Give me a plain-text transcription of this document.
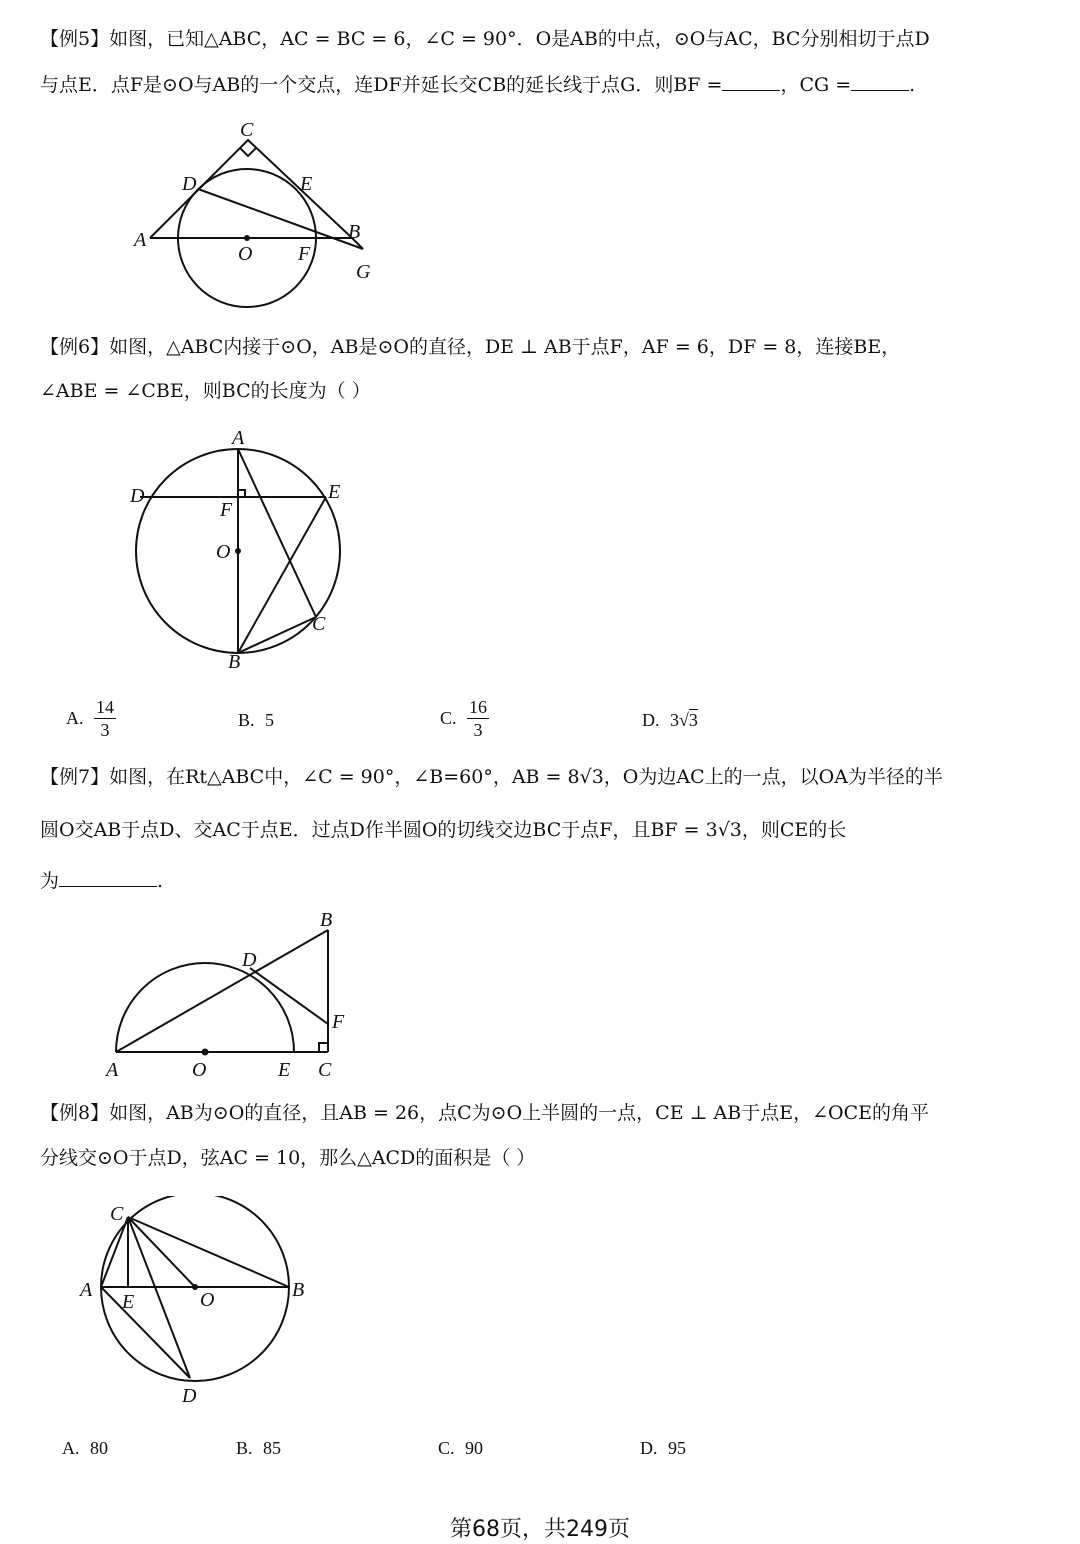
【例5】如图，已知△ABC，AC = BC = 6，∠C = 90°．O是AB的中点，⊙O与AC，BC分别相切于点D
与点E．点F是⊙O与AB的一个交点，连DF并延长交CB的延长线于点G．则BF =	，CG =	.
C
D	E
A
O F
B
G
【例6】如图，△ABC内接于⊙O，AB是⊙O的直径，DE ⊥ AB于点F，AF = 6，DF = 8，连接BE，
∠ABE = ∠CBE，则BC的长度为（ ）
A
D	E
F
O
C
B
A. $\frac{14}{3}$	B. 5	C. $\frac{16}{3}$	D. 3√3
【例7】如图，在Rt△ABC中，∠C = 90°，∠B=60°，AB = 8√3，O为边AC上的一点，以OA为半径的半
圆O交AB于点D、交AC于点E．过点D作半圆O的切线交边BC于点F，且BF = 3√3，则CE的长
为	.
B
D
F
A	O	E C
【例8】如图，AB为⊙O的直径，且AB = 26，点C为⊙O上半圆的一点，CE ⊥ AB于点E，∠OCE的角平
分线交⊙O于点D，弦AC = 10，那么△ACD的面积是（ ）
C
A
E	O	B
D
A. 80	B. 85	C. 90	D. 95
第68页，共249页
